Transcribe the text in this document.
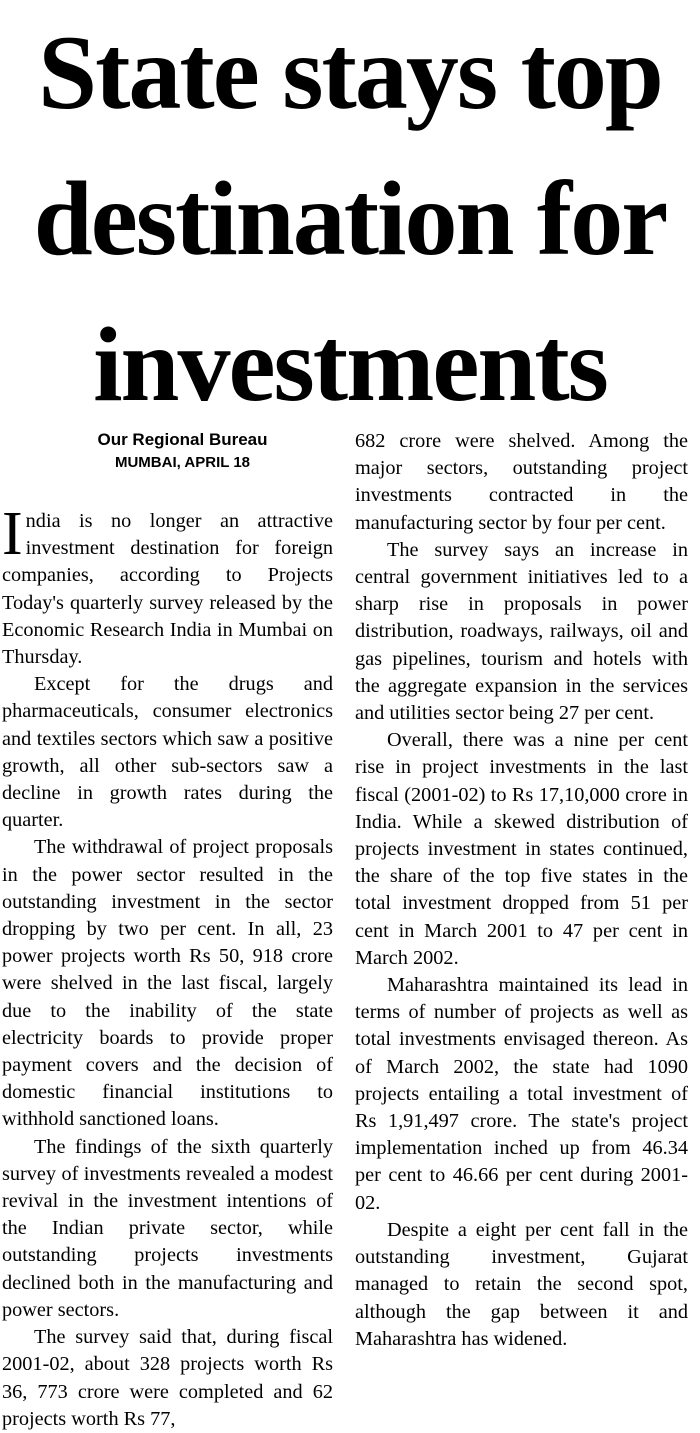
State stays top
destination for
investments
Our Regional Bureau
MUMBAI, APRIL 18

India is no longer an attractive investment destination for foreign companies, according to Projects Today's quarterly survey released by the Economic Research India in Mumbai on Thursday.

Except for the drugs and pharmaceuticals, consumer electronics and textiles sectors which saw a positive growth, all other sub-sectors saw a decline in growth rates during the quarter.

The withdrawal of project proposals in the power sector resulted in the outstanding investment in the sector dropping by two per cent. In all, 23 power projects worth Rs 50, 918 crore were shelved in the last fiscal, largely due to the inability of the state electricity boards to provide proper payment covers and the decision of domestic financial institutions to withhold sanctioned loans.

The findings of the sixth quarterly survey of investments revealed a modest revival in the investment intentions of the Indian private sector, while outstanding projects investments declined both in the manufacturing and power sectors.

The survey said that, during fiscal 2001-02, about 328 projects worth Rs 36, 773 crore were completed and 62 projects worth Rs 77,

682 crore were shelved. Among the major sectors, outstanding project investments contracted in the manufacturing sector by four per cent.

The survey says an increase in central government initiatives led to a sharp rise in proposals in power distribution, roadways, railways, oil and gas pipelines, tourism and hotels with the aggregate expansion in the services and utilities sector being 27 per cent.

Overall, there was a nine per cent rise in project investments in the last fiscal (2001-02) to Rs 17,10,000 crore in India. While a skewed distribution of projects investment in states continued, the share of the top five states in the total investment dropped from 51 per cent in March 2001 to 47 per cent in March 2002.

Maharashtra maintained its lead in terms of number of projects as well as total investments envisaged thereon. As of March 2002, the state had 1090 projects entailing a total investment of Rs 1,91,497 crore. The state's project implementation inched up from 46.34 per cent to 46.66 per cent during 2001-02.

Despite a eight per cent fall in the outstanding investment, Gujarat managed to retain the second spot, although the gap between it and Maharashtra has widened.
